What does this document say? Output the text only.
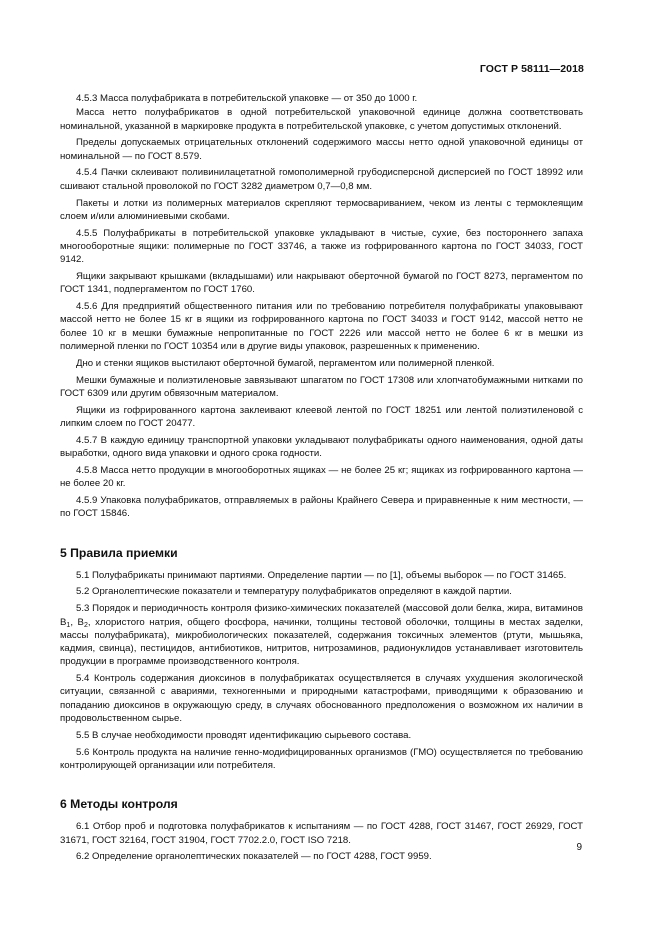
ГОСТ Р 58111—2018

4.5.3 Масса полуфабриката в потребительской упаковке — от 350 до 1000 г.

Масса нетто полуфабрикатов в одной потребительской упаковочной единице должна соответствовать номинальной, указанной в маркировке продукта в потребительской упаковке, с учетом допустимых отклонений.

Пределы допускаемых отрицательных отклонений содержимого массы нетто одной упаковочной единицы от номинальной — по ГОСТ 8.579.

4.5.4 Пачки склеивают поливинилацетатной гомополимерной грубодисперсной дисперсией по ГОСТ 18992 или сшивают стальной проволокой по ГОСТ 3282 диаметром 0,7—0,8 мм.

Пакеты и лотки из полимерных материалов скрепляют термосвариванием, чеком из ленты с термоклеящим слоем и/или алюминиевыми скобами.

4.5.5 Полуфабрикаты в потребительской упаковке укладывают в чистые, сухие, без постороннего запаха многооборотные ящики: полимерные по ГОСТ 33746, а также из гофрированного картона по ГОСТ 34033, ГОСТ 9142.

Ящики закрывают крышками (вкладышами) или накрывают оберточной бумагой по ГОСТ 8273, пергаментом по ГОСТ 1341, подпергаментом по ГОСТ 1760.

4.5.6 Для предприятий общественного питания или по требованию потребителя полуфабрикаты упаковывают массой нетто не более 15 кг в ящики из гофрированного картона по ГОСТ 34033 и ГОСТ 9142, массой нетто не более 10 кг в мешки бумажные непропитанные по ГОСТ 2226 или массой нетто не более 6 кг в мешки из полимерной пленки по ГОСТ 10354 или в другие виды упаковок, разрешенных к применению.

Дно и стенки ящиков выстилают оберточной бумагой, пергаментом или полимерной пленкой.

Мешки бумажные и полиэтиленовые завязывают шпагатом по ГОСТ 17308 или хлопчатобумажными нитками по ГОСТ 6309 или другим обвязочным материалом.

Ящики из гофрированного картона заклеивают клеевой лентой по ГОСТ 18251 или лентой полиэтиленовой с липким слоем по ГОСТ 20477.

4.5.7 В каждую единицу транспортной упаковки укладывают полуфабрикаты одного наименования, одной даты выработки, одного вида упаковки и одного срока годности.

4.5.8 Масса нетто продукции в многооборотных ящиках — не более 25 кг; ящиках из гофрированного картона — не более 20 кг.

4.5.9 Упаковка полуфабрикатов, отправляемых в районы Крайнего Севера и приравненные к ним местности, — по ГОСТ 15846.

5 Правила приемки

5.1 Полуфабрикаты принимают партиями. Определение партии — по [1], объемы выборок — по ГОСТ 31465.

5.2 Органолептические показатели и температуру полуфабрикатов определяют в каждой партии.

5.3 Порядок и периодичность контроля физико-химических показателей (массовой доли белка, жира, витаминов $В_1$, $В_2$, хлористого натрия, общего фосфора, начинки, толщины тестовой оболочки, толщины в местах заделки, массы полуфабриката), микробиологических показателей, содержания токсичных элементов (ртути, мышьяка, кадмия, свинца), пестицидов, антибиотиков, нитритов, нитрозаминов, радионуклидов устанавливает изготовитель продукции в программе производственного контроля.

5.4 Контроль содержания диоксинов в полуфабрикатах осуществляется в случаях ухудшения экологической ситуации, связанной с авариями, техногенными и природными катастрофами, приводящими к образованию и попаданию диоксинов в окружающую среду, в случаях обоснованного предположения о возможном их наличии в продовольственном сырье.

5.5 В случае необходимости проводят идентификацию сырьевого состава.

5.6 Контроль продукта на наличие генно-модифицированных организмов (ГМО) осуществляется по требованию контролирующей организации или потребителя.

6 Методы контроля

6.1 Отбор проб и подготовка полуфабрикатов к испытаниям — по ГОСТ 4288, ГОСТ 31467, ГОСТ 26929, ГОСТ 31671, ГОСТ 32164, ГОСТ 31904, ГОСТ 7702.2.0, ГОСТ ISO 7218.

6.2 Определение органолептических показателей — по ГОСТ 4288, ГОСТ 9959.

9
